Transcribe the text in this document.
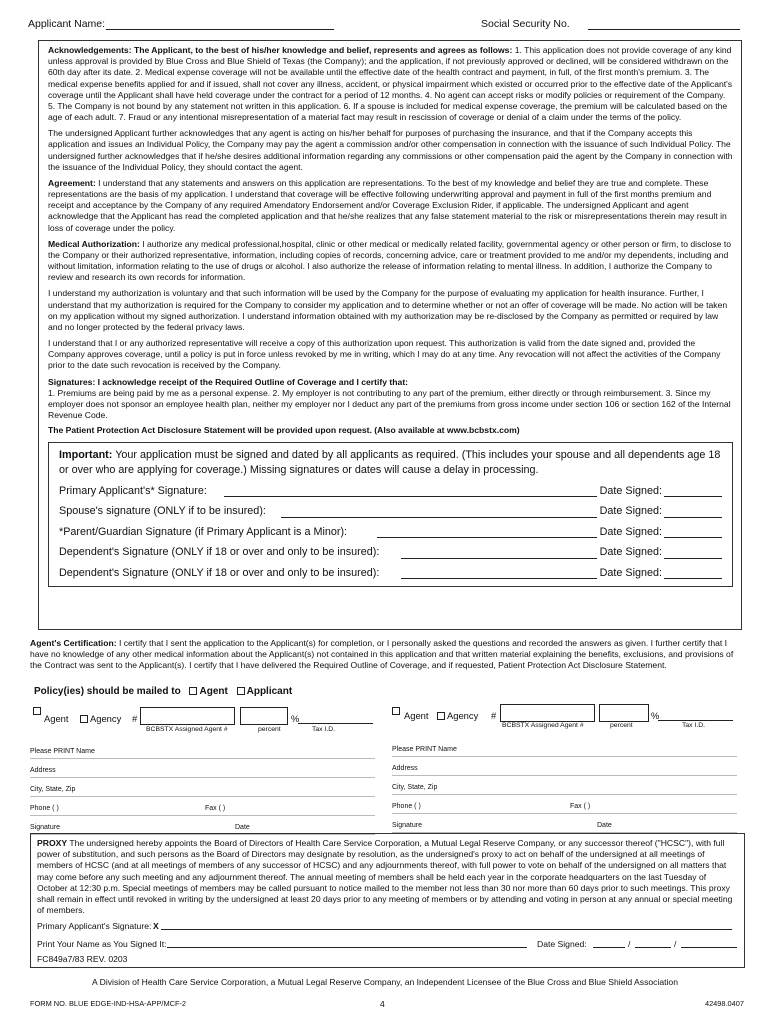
Applicant Name:	Social Security No.

Acknowledgements: The Applicant, to the best of his/her knowledge and belief, represents and agrees as follows: 1. This application does not provide coverage of any kind unless approval is provided by Blue Cross and Blue Shield of Texas (the Company); and the application, if not previously approved or declined, will be considered withdrawn on the 60th day after its date. 2. Medical expense coverage will not be available until the effective date of the health contract and payment, in full, of the first month's premium. 3. The medical expense benefits applied for and if issued, shall not cover any illness, accident, or physical impairment which existed or occurred prior to the effective date of the Applicant's coverage until the Applicant shall have held coverage under the contract for a period of 12 months. 4. No agent can accept risks or modify policies or requirement of the Company. 5. The Company is not bound by any statement not written in this application. 6. If a spouse is included for medical expense coverage, the premium will be calculated based on the age of each adult. 7. Fraud or any intentional misrepresentation of a material fact may result in rescission of coverage or denial of a claim under the terms of the policy.

The undersigned Applicant further acknowledges that any agent is acting on his/her behalf for purposes of purchasing the insurance, and that if the Company accepts this application and issues an Individual Policy, the Company may pay the agent a commission and/or other compensation in connection with the issuance of such Individual Policy. The undersigned further acknowledges that if he/she desires additional information regarding any commissions or other compensation paid the agent by the Company in connection with the issuance of the Individual Policy, they should contact the agent.

Agreement: I understand that any statements and answers on this application are representations. To the best of my knowledge and belief they are true and complete. These representations are the basis of my application. I understand that coverage will be effective following underwriting approval and payment in full of the first months premium and receipt and acceptance by the Company of any required Amendatory Endorsement and/or Coverage Exclusion Rider, if applicable. The undersigned Applicant and agent acknowledge that the Applicant has read the completed application and that he/she realizes that any false statement material to the risk or misrepresentations therein may result in loss of coverage under the policy.

Medical Authorization: I authorize any medical professional,hospital, clinic or other medical or medically related facility, governmental agency or other person or firm, to disclose to the Company or their authorized representative, information, including copies of records, concerning advice, care or treatment provided to me and/or my dependents, including and without limitation, information relating to the use of drugs or alcohol. I also authorize the release of information relating to mental illness. In addition, I authorize the Company to review and research its own records for information.

I understand my authorization is voluntary and that such information will be used by the Company for the purpose of evaluating my application for health insurance. Further, I understand that my authorization is required for the Company to consider my application and to determine whether or not an offer of coverage will be made. No action will be taken on my application without my signed authorization. I understand information obtained with my authorization may be re-disclosed by the Company as permitted or required by law and no longer protected by the federal privacy laws.

I understand that I or any authorized representative will receive a copy of this authorization upon request. This authorization is valid from the date signed and, provided the Company approves coverage, until a policy is put in force unless revoked by me in writing, which I may do at any time. Any revocation will not affect the activities of the Company prior to the date such revocation is received by the Company.

Signatures: I acknowledge receipt of the Required Outline of Coverage and I certify that:
1. Premiums are being paid by me as a personal expense. 2. My employer is not contributing to any part of the premium, either directly or through reimbursement. 3. Since my employer does not sponsor an employee health plan, neither my employer nor I deduct any part of the premiums from gross income under section 106 or section 162 of the Internal Revenue Code.

The Patient Protection Act Disclosure Statement will be provided upon request. (Also available at www.bcbstx.com)

Important: Your application must be signed and dated by all applicants as required. (This includes your spouse and all dependents age 18 or over who are applying for coverage.) Missing signatures or dates will cause a delay in processing.
Primary Applicant's* Signature:	Date Signed:
Spouse's signature (ONLY if to be insured):	Date Signed:
*Parent/Guardian Signature (if Primary Applicant is a Minor):	Date Signed:
Dependent's Signature (ONLY if 18 or over and only to be insured):	Date Signed:
Dependent's Signature (ONLY if 18 or over and only to be insured):	Date Signed:
Agent's Certification: I certify that I sent the application to the Applicant(s) for completion, or I personally asked the questions and recorded the answers as given. I further certify that I have no knowledge of any other medical information about the Applicant(s) not contained in this application and that written material explaining the benefits, exclusions, and provisions of the Contract was sent to the Applicant(s). I certify that I have delivered the Required Outline of Coverage, and if requested, Patient Protection Act Disclosure Statement.
Policy(ies) should be mailed to Agent Applicant
Agent Agency #	%
BCBSTX Assigned Agent #	percent	Tax I.D.
Please PRINT Name
Address
City, State, Zip
Phone ( )	Fax ( )
Signature	Date
Agent Agency #	%
BCBSTX Assigned Agent #	percent	Tax I.D.
Please PRINT Name
Address
City, State, Zip
Phone ( )	Fax ( )
Signature	Date
PROXY The undersigned hereby appoints the Board of Directors of Health Care Service Corporation, a Mutual Legal Reserve Company, or any successor thereof ("HCSC"), with full power of substitution, and such persons as the Board of Directors may designate by resolution, as the undersigned's proxy to act on behalf of the undersigned at all meetings of members of HCSC (and at all meetings of members of any successor of HCSC) and any adjournments thereof, with full power to vote on behalf of the undersigned on all matters that may come before any such meeting and any adjournment thereof. The annual meeting of members shall be held each year in the corporate headquarters on the last Tuesday of October at 12:30 p.m. Special meetings of members may be called pursuant to notice mailed to the member not less than 30 nor more than 60 days prior to such meetings. This proxy shall remain in effect until revoked in writing by the undersigned at least 20 days prior to any meeting of members or by attending and voting in person at any annual or special meeting of members.
Primary Applicant's Signature: X
Print Your Name as You Signed It:	Date Signed:	/	/
FC849a7/83 REV. 0203
A Division of Health Care Service Corporation, a Mutual Legal Reserve Company, an Independent Licensee of the Blue Cross and Blue Shield Association
FORM NO. BLUE EDGE-IND-HSA-APP/MCF-2	4	42498.0407
